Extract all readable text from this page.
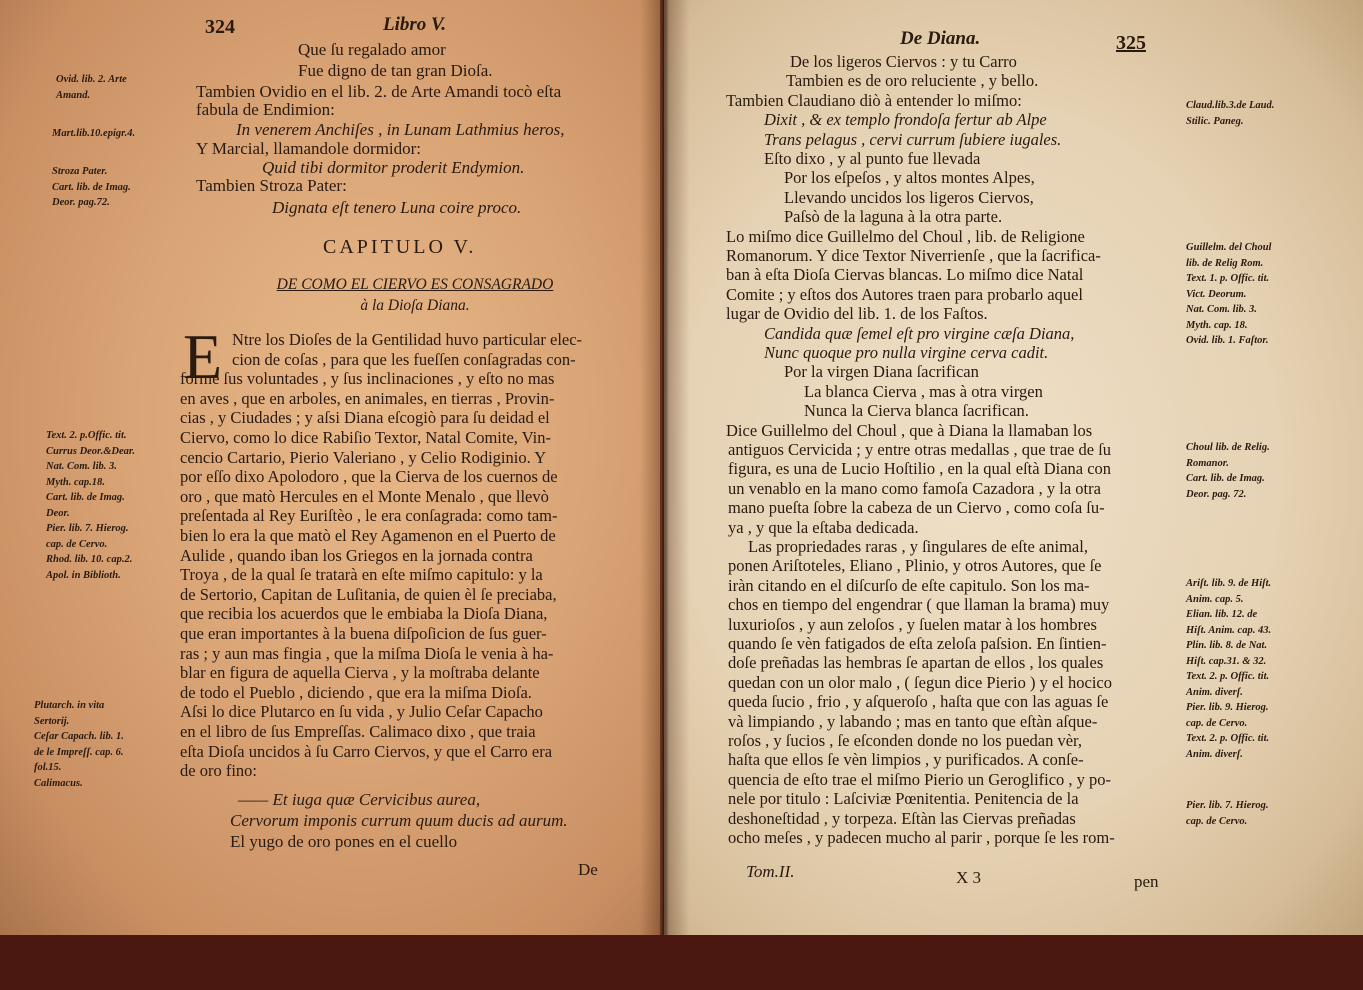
324	Libro V.
Que ſu regalado amor
Fue digno de tan gran Dioſa.
Tambien Ovidio en el lib. 2. de Arte Amandi tocò eſta
fabula de Endimion:
In venerem Anchiſes , in Lunam Lathmius heros,
Y Marcial, llamandole dormidor:
Quid tibi dormitor proderit Endymion.
Tambien Stroza Pater:
Dignata eſt tenero Luna coire proco.
CAPITULO V.
DE COMO EL CIERVO ES CONSAGRADO
à la Dioſa Diana.
E Ntre los Dioſes de la Gentilidad huvo particular elec-
cion de coſas , para que les fueſſen conſagradas con-
forme ſus voluntades , y ſus inclinaciones , y eſto no mas
en aves , que en arboles, en animales, en tierras , Provin-
cias , y Ciudades ; y aſsi Diana eſcogiò para ſu deidad el
Ciervo, como lo dice Rabiſio Textor, Natal Comite, Vin-
cencio Cartario, Pierio Valeriano , y Celio Rodiginio. Y
por eſſo dixo Apolodoro , que la Cierva de los cuernos de
oro , que matò Hercules en el Monte Menalo , que llevò
preſentada al Rey Euriſtèo , le era conſagrada: como tam-
bien lo era la que matò el Rey Agamenon en el Puerto de
Aulide , quando iban los Griegos en la jornada contra
Troya , de la qual ſe tratarà en eſte miſmo capitulo: y la
de Sertorio, Capitan de Luſitania, de quien èl ſe preciaba,
que recibia los acuerdos que le embiaba la Dioſa Diana,
que eran importantes à la buena diſpoſicion de ſus guer-
ras ; y aun mas fingia , que la miſma Dioſa le venia à ha-
blar en figura de aquella Cierva , y la moſtraba delante
de todo el Pueblo , diciendo , que era la miſma Dioſa.
Aſsi lo dice Plutarco en ſu vida , y Julio Ceſar Capacho
en el libro de ſus Empreſſas. Calimaco dixo , que traia
eſta Dioſa uncidos à ſu Carro Ciervos, y que el Carro era
de oro fino:
—— Et iuga quæ Cervicibus aurea,
Cervorum imponis currum quum ducis ad aurum.
El yugo de oro pones en el cuello
De
Ovid. lib. 2. Arte
Amand.
Mart.lib.10.epigr.4.
Stroza Pater.
Cart. lib. de Imag.
Deor. pag.72.
Text. 2. p.Offic. tit.
Currus Deor.&Dear.
Nat. Com. lib. 3.
Myth. cap.18.
Cart. lib. de Imag.
Deor.
Pier. lib. 7. Hierog.
cap. de Cervo.
Rhod. lib. 10. cap.2.
Apol. in Biblioth.
Plutarch. in vita
Sertorij.
Ceſar Capach. lib. 1.
de le Impreſſ. cap. 6.
fol.15.
Calimacus.
De Diana.	325
De los ligeros Ciervos : y tu Carro
Tambien es de oro reluciente , y bello.
Tambien Claudiano diò à entender lo miſmo:
Dixit , & ex templo frondoſa fertur ab Alpe
Trans pelagus , cervi currum ſubiere iugales.
Eſto dixo , y al punto fue llevada
Por los eſpeſos , y altos montes Alpes,
Llevando uncidos los ligeros Ciervos,
Paſsò de la laguna à la otra parte.
Lo miſmo dice Guillelmo del Choul , lib. de Religione
Romanorum. Y dice Textor Niverrienſe , que la ſacrifica-
ban à eſta Dioſa Ciervas blancas. Lo miſmo dice Natal
Comite ; y eſtos dos Autores traen para probarlo aquel
lugar de Ovidio del lib. 1. de los Faſtos.
Candida quæ ſemel eſt pro virgine cæſa Diana,
Nunc quoque pro nulla virgine cerva cadit.
Por la virgen Diana ſacrifican
La blanca Cierva , mas à otra virgen
Nunca la Cierva blanca ſacrifican.
Dice Guillelmo del Choul , que à Diana la llamaban los
antiguos Cervicida ; y entre otras medallas , que trae de ſu
figura, es una de Lucio Hoſtilio , en la qual eſtà Diana con
un venablo en la mano como famoſa Cazadora , y la otra
mano pueſta ſobre la cabeza de un Ciervo , como coſa ſu-
ya , y que la eſtaba dedicada.
Las propriedades raras , y ſingulares de eſte animal,
ponen Ariſtoteles, Eliano , Plinio, y otros Autores, que ſe
iràn citando en el diſcurſo de eſte capitulo. Son los ma-
chos en tiempo del engendrar ( que llaman la brama) muy
luxurioſos , y aun zeloſos , y ſuelen matar à los hombres
quando ſe vèn fatigados de eſta zeloſa paſsion. En ſintien-
doſe preñadas las hembras ſe apartan de ellos , los quales
quedan con un olor malo , ( ſegun dice Pierio ) y el hocico
queda ſucio , frio , y aſqueroſo , haſta que con las aguas ſe
và limpiando , y labando ; mas en tanto que eſtàn aſque-
roſos , y ſucios , ſe eſconden donde no los puedan vèr,
haſta que ellos ſe vèn limpios , y purificados. A conſe-
quencia de eſto trae el miſmo Pierio un Geroglifico , y po-
nele por titulo : Laſciviæ Pœnitentia. Penitencia de la
deshoneſtidad , y torpeza. Eſtàn las Ciervas preñadas
ocho meſes , y padecen mucho al parir , porque ſe les rom-
Tom.II.	X 3	pen
Claud.lib.3.de Laud.
Stilic. Paneg.
Guillelm. del Choul
lib. de Relig Rom.
Text. 1. p. Offic. tit.
Vict. Deorum.
Nat. Com. lib. 3.
Myth. cap. 18.
Ovid. lib. 1. Faſtor.
Choul lib. de Relig.
Romanor.
Cart. lib. de Imag.
Deor. pag. 72.
Ariſt. lib. 9. de Hiſt.
Anim. cap. 5.
Elian. lib. 12. de
Hiſt. Anim. cap. 43.
Plin. lib. 8. de Nat.
Hiſt. cap.31. & 32.
Text. 2. p. Offic. tit.
Anim. diverſ.
Pier. lib. 9. Hierog.
cap. de Cervo.
Text. 2. p. Offic. tit.
Anim. diverſ.
Pier. lib. 7. Hierog.
cap. de Cervo.
